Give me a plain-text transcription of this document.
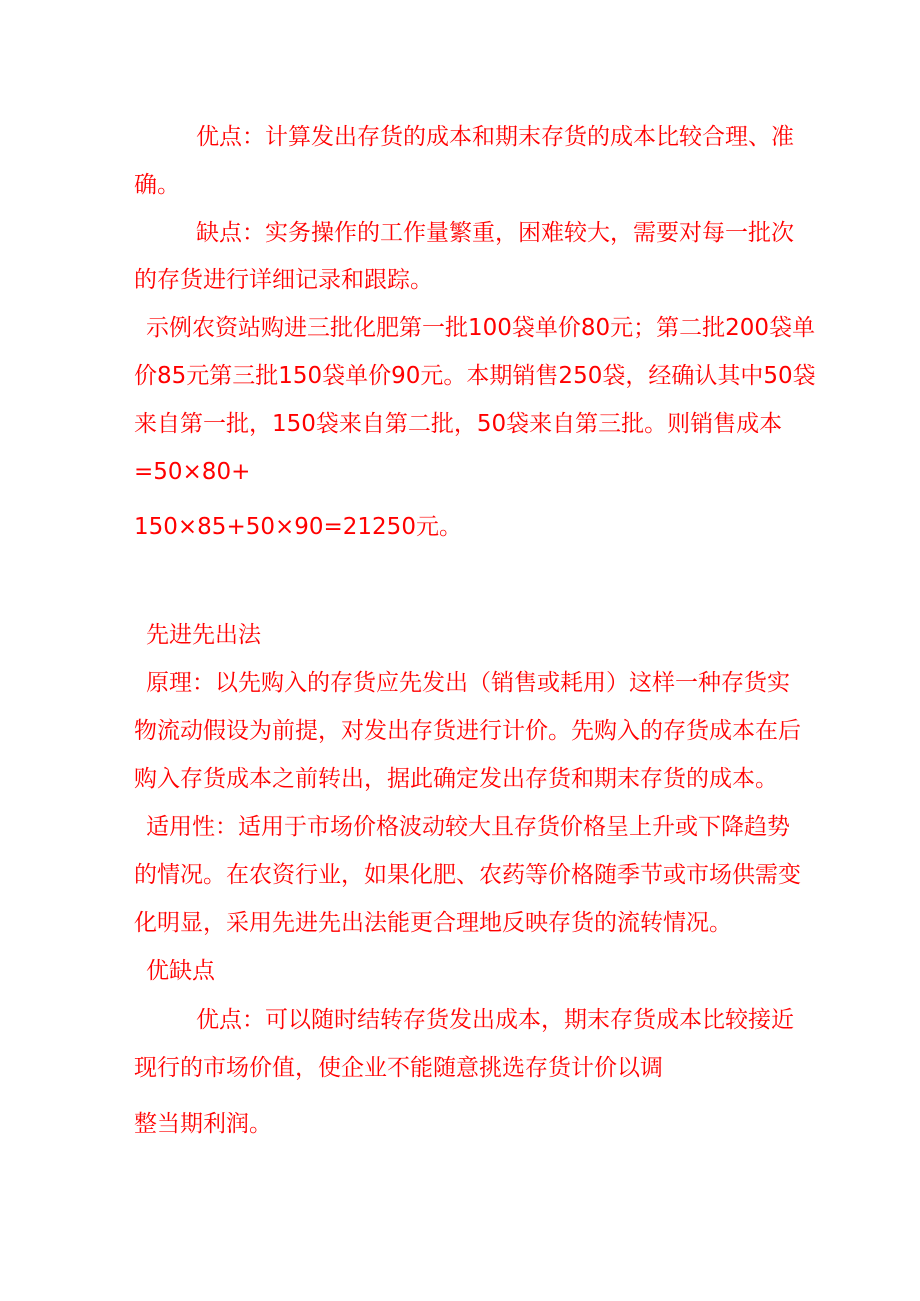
优点：计算发出存货的成本和期末存货的成本比较合理、准
确。
缺点：实务操作的工作量繁重，困难较大，需要对每一批次
的存货进行详细记录和跟踪。
示例农资站购进三批化肥第一批100袋单价80元；第二批200袋单
价85元第三批150袋单价90元。本期销售250袋，经确认其中50袋
来自第一批，150袋来自第二批，50袋来自第三批。则销售成本
=50×80+
150×85+50×90=21250元。
先进先出法
原理：以先购入的存货应先发出（销售或耗用）这样一种存货实
物流动假设为前提，对发出存货进行计价。先购入的存货成本在后
购入存货成本之前转出，据此确定发出存货和期末存货的成本。
适用性：适用于市场价格波动较大且存货价格呈上升或下降趋势
的情况。在农资行业，如果化肥、农药等价格随季节或市场供需变
化明显，采用先进先出法能更合理地反映存货的流转情况。
优缺点
优点：可以随时结转存货发出成本，期末存货成本比较接近
现行的市场价值，使企业不能随意挑选存货计价以调
整当期利润。
